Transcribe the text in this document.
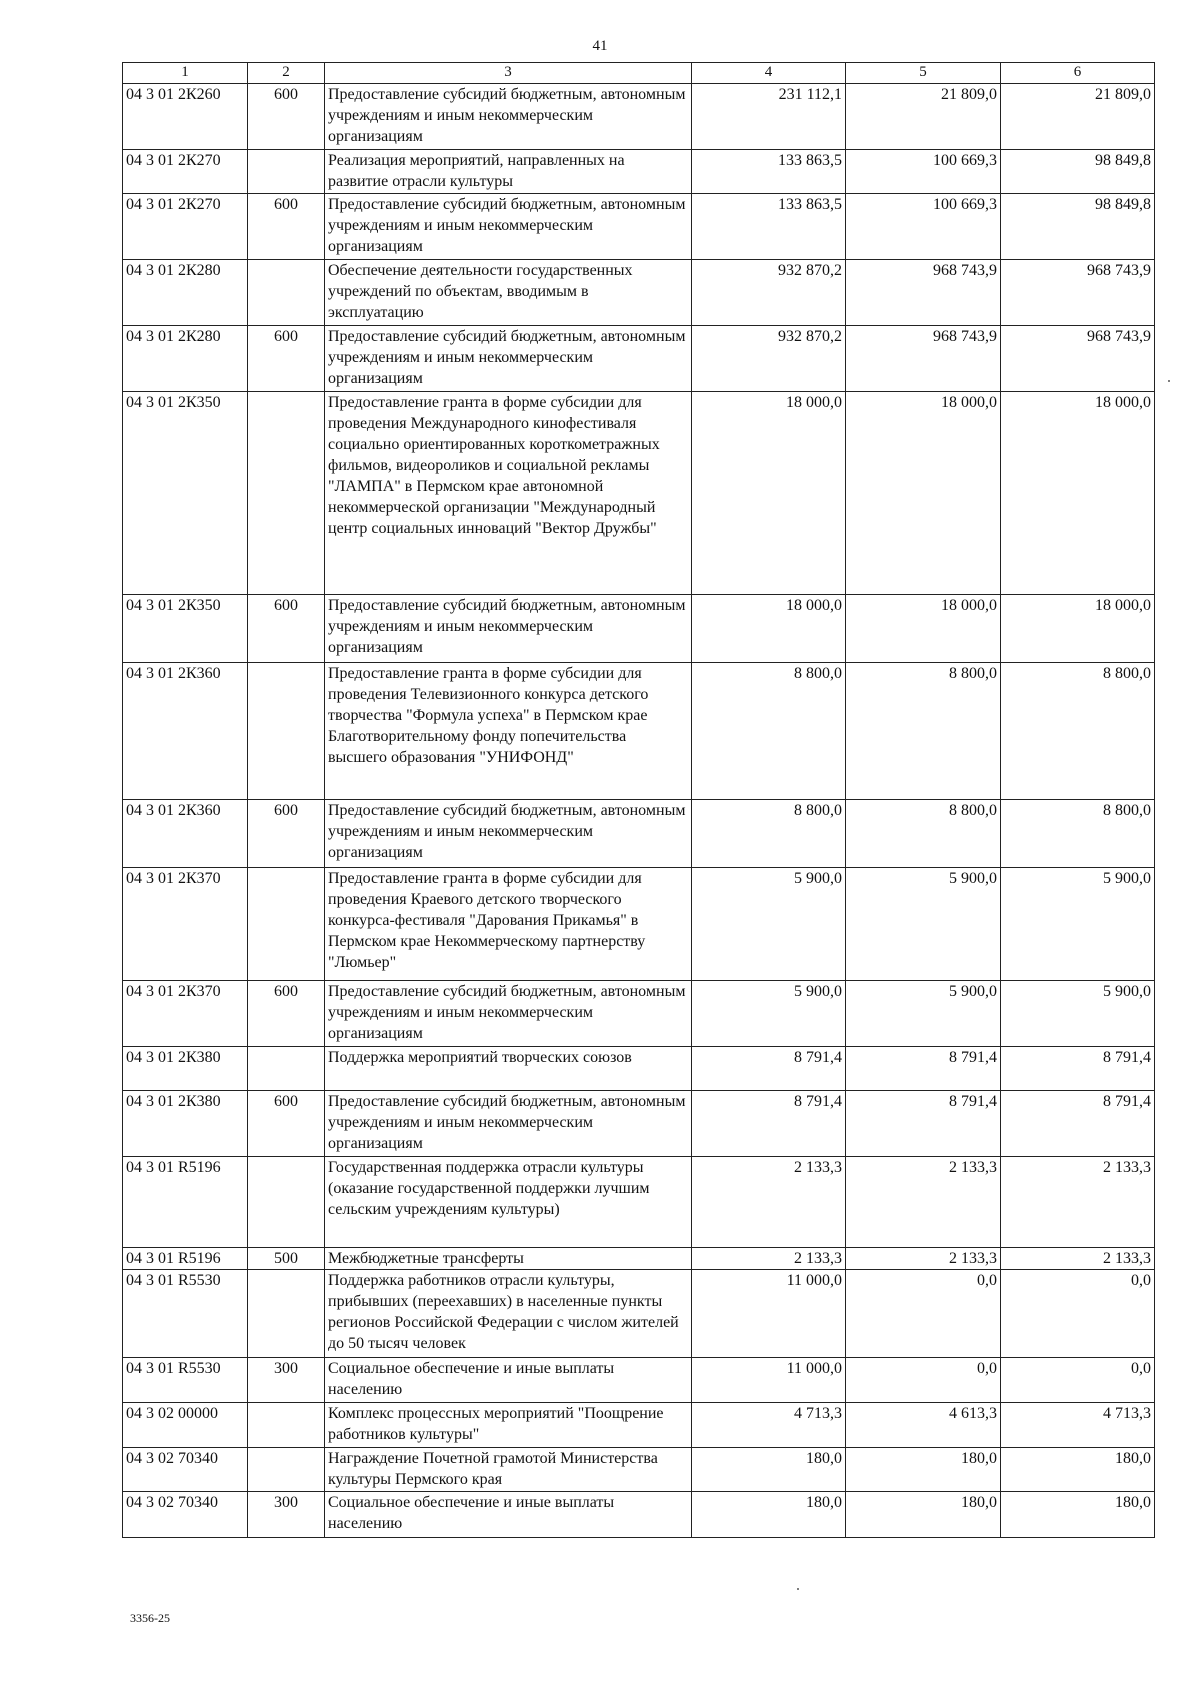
41
1	2	3	4	5	6
04 3 01 2К260	600	Предоставление субсидий бюджетным, автономным учреждениям и иным некоммерческим организациям	231 112,1	21 809,0	21 809,0
04 3 01 2К270		Реализация мероприятий, направленных на развитие отрасли культуры	133 863,5	100 669,3	98 849,8
04 3 01 2К270	600	Предоставление субсидий бюджетным, автономным учреждениям и иным некоммерческим организациям	133 863,5	100 669,3	98 849,8
04 3 01 2К280		Обеспечение деятельности государственных учреждений по объектам, вводимым в эксплуатацию	932 870,2	968 743,9	968 743,9
04 3 01 2К280	600	Предоставление субсидий бюджетным, автономным учреждениям и иным некоммерческим организациям	932 870,2	968 743,9	968 743,9
04 3 01 2К350		Предоставление гранта в форме субсидии для проведения Международного кинофестиваля социально ориентированных короткометражных фильмов, видеороликов и социальной рекламы "ЛАМПА" в Пермском крае автономной некоммерческой организации "Международный центр социальных инноваций "Вектор Дружбы"	18 000,0	18 000,0	18 000,0
04 3 01 2К350	600	Предоставление субсидий бюджетным, автономным учреждениям и иным некоммерческим организациям	18 000,0	18 000,0	18 000,0
04 3 01 2К360		Предоставление гранта в форме субсидии для проведения Телевизионного конкурса детского творчества "Формула успеха" в Пермском крае Благотворительному фонду попечительства высшего образования "УНИФОНД"	8 800,0	8 800,0	8 800,0
04 3 01 2К360	600	Предоставление субсидий бюджетным, автономным учреждениям и иным некоммерческим организациям	8 800,0	8 800,0	8 800,0
04 3 01 2К370		Предоставление гранта в форме субсидии для проведения Краевого детского творческого конкурса-фестиваля "Дарования Прикамья" в Пермском крае Некоммерческому партнерству "Люмьер"	5 900,0	5 900,0	5 900,0
04 3 01 2К370	600	Предоставление субсидий бюджетным, автономным учреждениям и иным некоммерческим организациям	5 900,0	5 900,0	5 900,0
04 3 01 2К380		Поддержка мероприятий творческих союзов	8 791,4	8 791,4	8 791,4
04 3 01 2К380	600	Предоставление субсидий бюджетным, автономным учреждениям и иным некоммерческим организациям	8 791,4	8 791,4	8 791,4
04 3 01 R5196		Государственная поддержка отрасли культуры (оказание государственной поддержки лучшим сельским учреждениям культуры)	2 133,3	2 133,3	2 133,3
04 3 01 R5196	500	Межбюджетные трансферты	2 133,3	2 133,3	2 133,3
04 3 01 R5530		Поддержка работников отрасли культуры, прибывших (переехавших) в населенные пункты регионов Российской Федерации с числом жителей до 50 тысяч человек	11 000,0	0,0	0,0
04 3 01 R5530	300	Социальное обеспечение и иные выплаты населению	11 000,0	0,0	0,0
04 3 02 00000		Комплекс процессных мероприятий "Поощрение работников культуры"	4 713,3	4 613,3	4 713,3
04 3 02 70340		Награждение Почетной грамотой Министерства культуры Пермского края	180,0	180,0	180,0
04 3 02 70340	300	Социальное обеспечение и иные выплаты населению	180,0	180,0	180,0
3356-25
